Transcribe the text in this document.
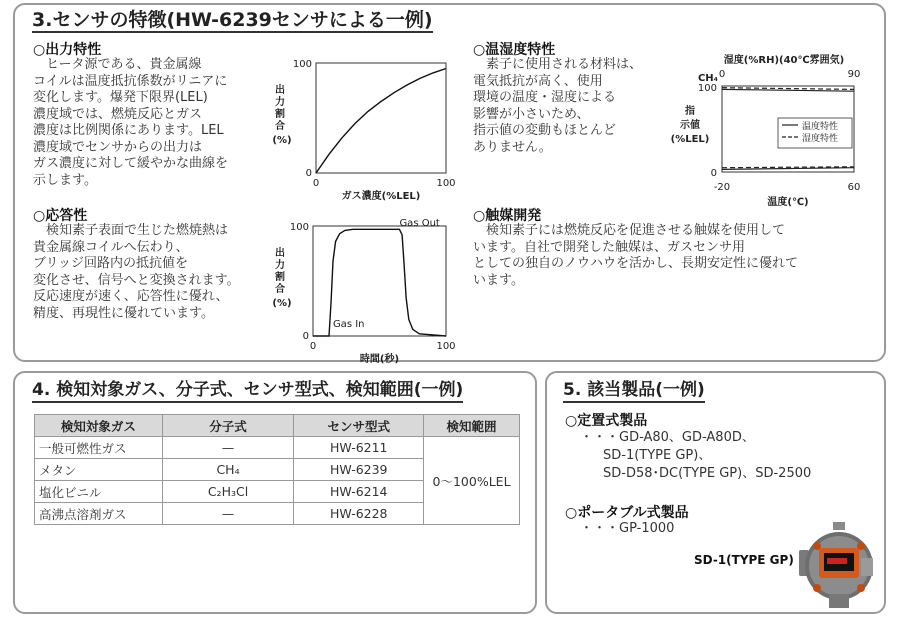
3.センサの特徴(HW-6239センサによる一例)
○出力特性
ヒータ源である、貴金属線
コイルは温度抵抗係数がリニアに
変化します。爆発下限界(LEL)
濃度域では、燃焼反応とガス
濃度は比例関係にあります。LEL
濃度域でセンサからの出力は
ガス濃度に対して緩やかな曲線を
示します。
○応答性
検知素子表面で生じた燃焼熱は
貴金属線コイルへ伝わり、
ブリッジ回路内の抵抗値を
変化させ、信号へと変換されます。
反応速度が速く、応答性に優れ、
精度、再現性に優れています。
100
0
0	100
ガス濃度(%LEL)
出
力
割
合
(%)
100
0
0	100
時間(秒)
出
力
割
合
(%)
Gas Out
Gas In
○温湿度特性
素子に使用される材料は、
電気抵抗が高く、使用
環境の温度・湿度による
影響が小さいため、
指示値の変動もほとんど
ありません。
湿度(%RH)(40℃雰囲気)
0	90
CH₄
100
0
-20	60
温度(℃)
指
示値
(%LEL)
温度特性
湿度特性
○触媒開発
検知素子には燃焼反応を促進させる触媒を使用して
います。自社で開発した触媒は、ガスセンサ用
としての独自のノウハウを活かし、長期安定性に優れて
います。
4. 検知対象ガス、分子式、センサ型式、検知範囲(一例)
検知対象ガス	分子式	センサ型式	検知範囲
一般可燃性ガス	—	HW-6211	0〜100%LEL
メタン	CH₄	HW-6239	
塩化ビニル	C₂H₃Cl	HW-6214	
高沸点溶剤ガス	—	HW-6228	
5. 該当製品(一例)
○定置式製品
・・・GD-A80、GD-A80D、
SD-1(TYPE GP)、
SD-D58･DC(TYPE GP)、SD-2500
○ポータブル式製品
・・・GP-1000
SD-1(TYPE GP)
